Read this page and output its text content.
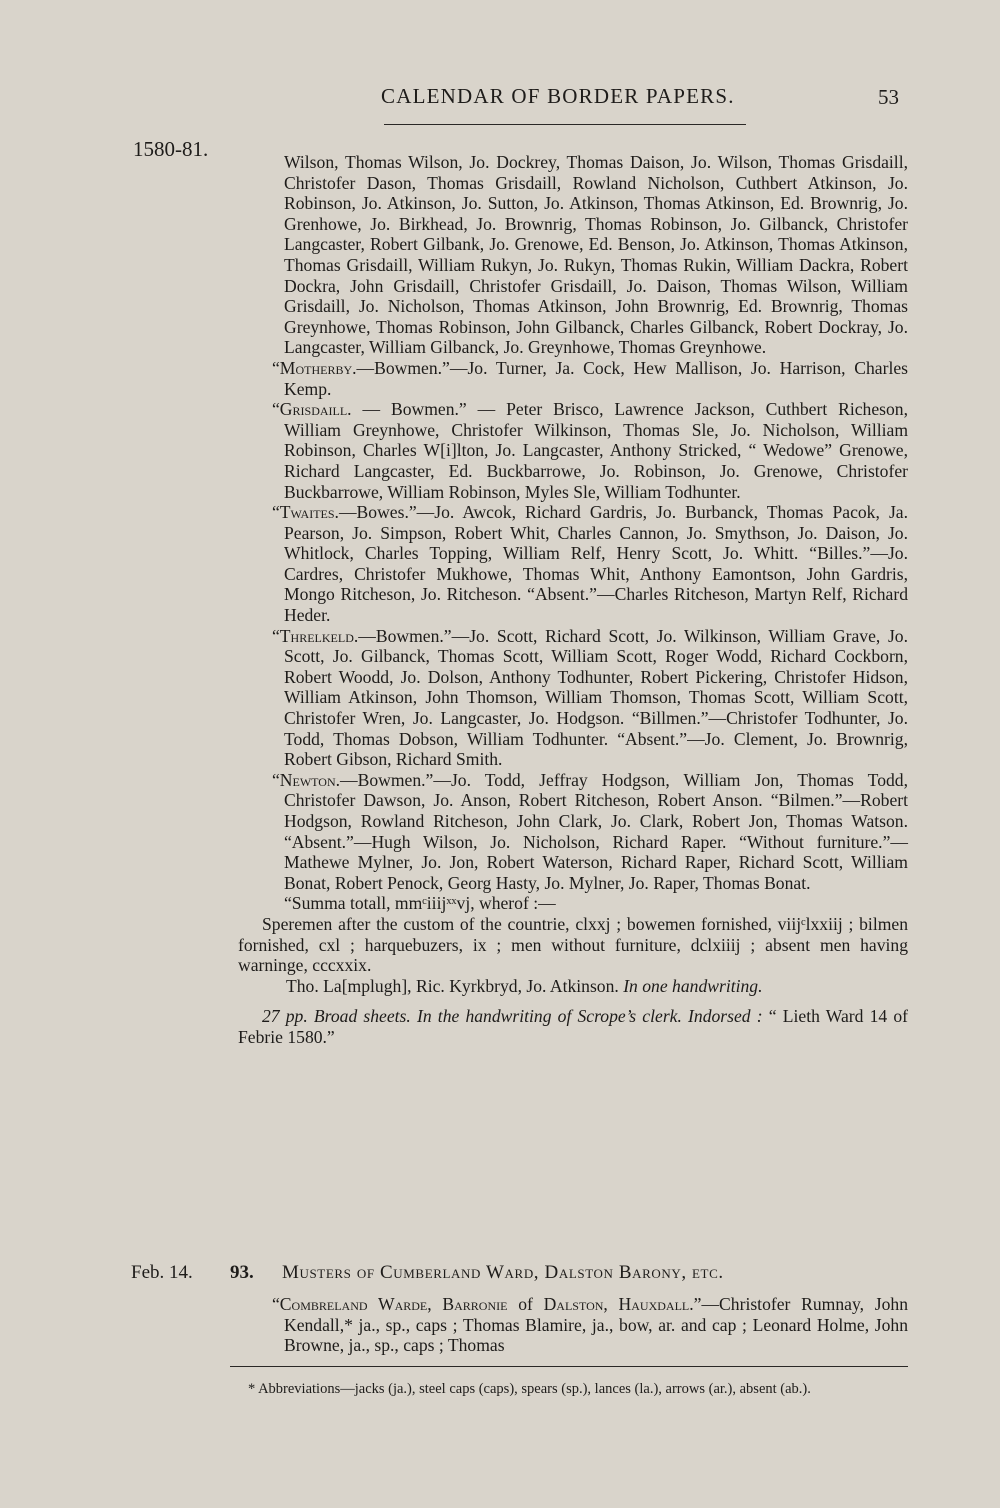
CALENDAR OF BORDER PAPERS.	53
1580-81.

Wilson, Thomas Wilson, Jo. Dockrey, Thomas Daison, Jo. Wilson, Thomas Grisdaill, Christofer Dason, Thomas Grisdaill, Rowland Nicholson, Cuthbert Atkinson, Jo. Robinson, Jo. Atkinson, Jo. Sutton, Jo. Atkinson, Thomas Atkinson, Ed. Brownrig, Jo. Grenhowe, Jo. Birkhead, Jo. Brownrig, Thomas Robinson, Jo. Gilbanck, Christofer Langcaster, Robert Gilbank, Jo. Grenowe, Ed. Benson, Jo. Atkinson, Thomas Atkinson, Thomas Grisdaill, William Rukyn, Jo. Rukyn, Thomas Rukin, William Dackra, Robert Dockra, John Grisdaill, Christofer Grisdaill, Jo. Daison, Thomas Wilson, William Grisdaill, Jo. Nicholson, Thomas Atkinson, John Brownrig, Ed. Brownrig, Thomas Greynhowe, Thomas Robinson, John Gilbanck, Charles Gilbanck, Robert Dockray, Jo. Langcaster, William Gilbanck, Jo. Greynhowe, Thomas Greynhowe.

“Motherby.—Bowmen.”—Jo. Turner, Ja. Cock, Hew Mallison, Jo. Harrison, Charles Kemp.

“Grisdaill. — Bowmen.” — Peter Brisco, Lawrence Jackson, Cuthbert Richeson, William Greynhowe, Christofer Wilkinson, Thomas Sle, Jo. Nicholson, William Robinson, Charles W[i]lton, Jo. Langcaster, Anthony Stricked, “ Wedowe” Grenowe, Richard Langcaster, Ed. Buckbarrowe, Jo. Robinson, Jo. Grenowe, Christofer Buckbarrowe, William Robinson, Myles Sle, William Todhunter.

“Twaites.—Bowes.”—Jo. Awcok, Richard Gardris, Jo. Burbanck, Thomas Pacok, Ja. Pearson, Jo. Simpson, Robert Whit, Charles Cannon, Jo. Smythson, Jo. Daison, Jo. Whitlock, Charles Topping, William Relf, Henry Scott, Jo. Whitt. “Billes.”—Jo. Cardres, Christofer Mukhowe, Thomas Whit, Anthony Eamontson, John Gardris, Mongo Ritcheson, Jo. Ritcheson. “Absent.”—Charles Ritcheson, Martyn Relf, Richard Heder.

“Threlkeld.—Bowmen.”—Jo. Scott, Richard Scott, Jo. Wilkinson, William Grave, Jo. Scott, Jo. Gilbanck, Thomas Scott, William Scott, Roger Wodd, Richard Cockborn, Robert Woodd, Jo. Dolson, Anthony Todhunter, Robert Pickering, Christofer Hidson, William Atkinson, John Thomson, William Thomson, Thomas Scott, William Scott, Christofer Wren, Jo. Langcaster, Jo. Hodgson. “Billmen.”—Christofer Todhunter, Jo. Todd, Thomas Dobson, William Todhunter. “Absent.”—Jo. Clement, Jo. Brownrig, Robert Gibson, Richard Smith.

“Newton.—Bowmen.”—Jo. Todd, Jeffray Hodgson, William Jon, Thomas Todd, Christofer Dawson, Jo. Anson, Robert Ritcheson, Robert Anson. “Bilmen.”—Robert Hodgson, Rowland Ritcheson, John Clark, Jo. Clark, Robert Jon, Thomas Watson. “Absent.”—Hugh Wilson, Jo. Nicholson, Richard Raper. “Without furniture.”—Mathewe Mylner, Jo. Jon, Robert Waterson, Richard Raper, Richard Scott, William Bonat, Robert Penock, Georg Hasty, Jo. Mylner, Jo. Raper, Thomas Bonat.

“Summa totall, mmᶜiiijˣˣvj, wherof :—

Speremen after the custom of the countrie, clxxj ; bowemen fornished, viijᶜlxxiij ; bilmen fornished, cxl ; harquebuzers, ix ; men without furniture, dclxiiij ; absent men having warninge, cccxxix.

Tho. La[mplugh], Ric. Kyrkbryd, Jo. Atkinson. In one handwriting.

27 pp. Broad sheets. In the handwriting of Scrope’s clerk. Indorsed : “ Lieth Ward 14 of Febrie 1580.”

Feb. 14. 93. Musters of Cumberland Ward, Dalston Barony, etc.

“Combreland Warde, Barronie of Dalston, Hauxdall.”—Christofer Rumnay, John Kendall,* ja., sp., caps ; Thomas Blamire, ja., bow, ar. and cap ; Leonard Holme, John Browne, ja., sp., caps ; Thomas

* Abbreviations—jacks (ja.), steel caps (caps), spears (sp.), lances (la.), arrows (ar.), absent (ab.).
